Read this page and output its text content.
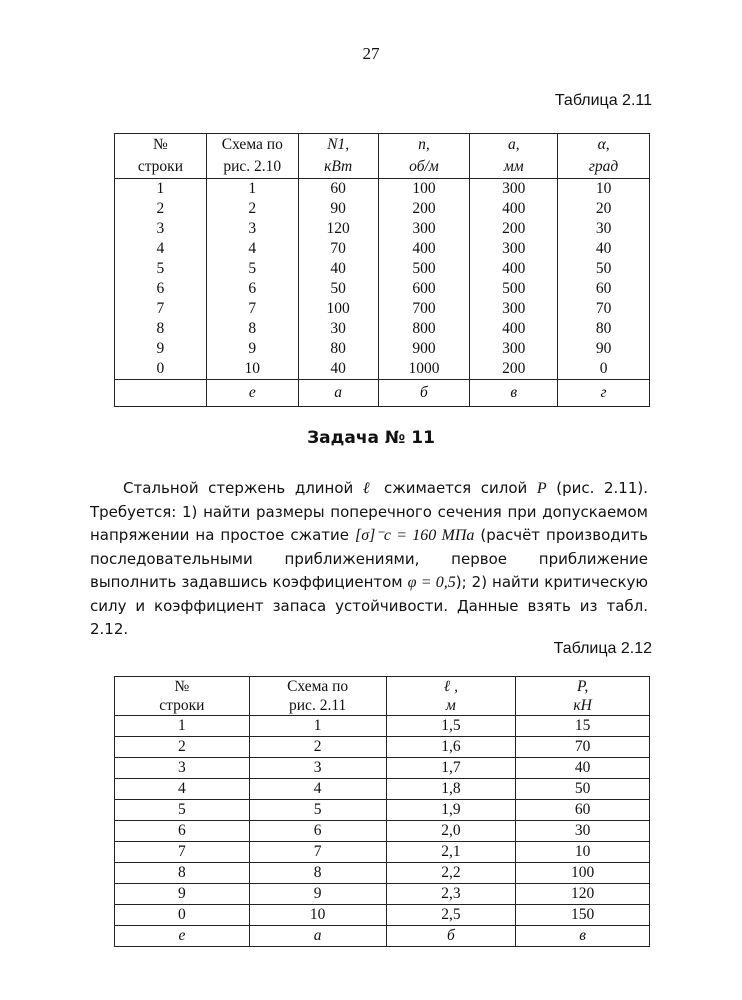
27
Таблица 2.11
№	Схема по	N1,	n,	a,	α,
строки	рис. 2.10	кВт	об/м	мм	град
1	1	60	100	300	10
2	2	90	200	400	20
3	3	120	300	200	30
4	4	70	400	300	40
5	5	40	500	400	50
6	6	50	600	500	60
7	7	100	700	300	70
8	8	30	800	400	80
9	9	80	900	300	90
0	10	40	1000	200	0
	е	а	б	в	г
Задача № 11

Стальной стержень длиной ℓ сжимается силой P (рис. 2.11). Требуется: 1) найти размеры поперечного сечения при допускаемом напряжении на простое сжатие [σ]⁻c = 160 МПа (расчёт производить последовательными приближениями, первое приближение выполнить задавшись коэффициентом φ = 0,5); 2) найти критическую силу и коэффициент запаса устойчивости. Данные взять из табл. 2.12.

Таблица 2.12
№	Схема по	ℓ ,	P,
строки	рис. 2.11	м	кН
1	1	1,5	15
2	2	1,6	70
3	3	1,7	40
4	4	1,8	50
5	5	1,9	60
6	6	2,0	30
7	7	2,1	10
8	8	2,2	100
9	9	2,3	120
0	10	2,5	150
е	а	б	в
